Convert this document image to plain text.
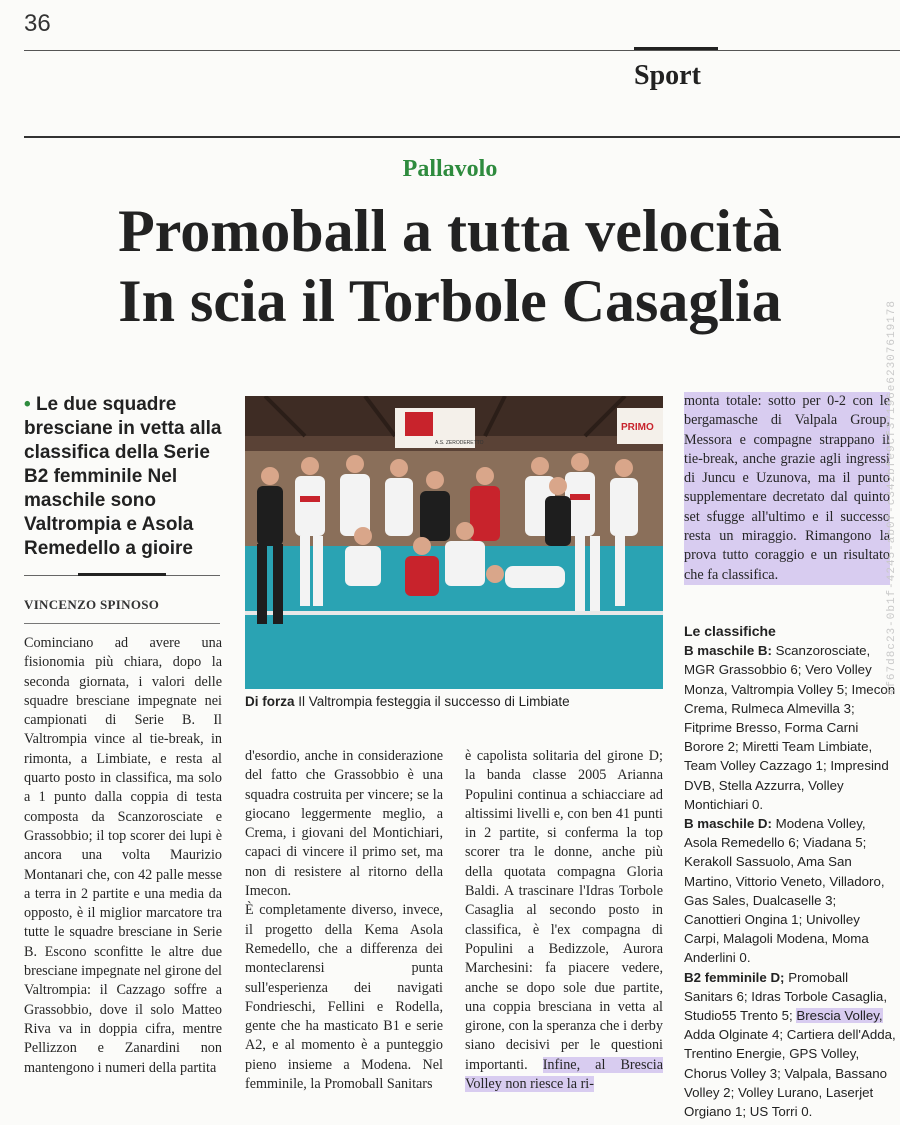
36
Sport
Pallavolo
Promoball a tutta velocità
In scia il Torbole Casaglia
• Le due squadre bresciane in vetta alla classifica della Serie B2 femminile Nel maschile sono Valtrompia e Asola Remedello a gioire
VINCENZO SPINOSO
Cominciano ad avere una fisionomia più chiara, dopo la seconda giornata, i valori delle squadre bresciane impegnate nei campionati di Serie B. Il Valtrompia vince al tie-break, in rimonta, a Limbiate, e resta al quarto posto in classifica, ma solo a 1 punto dalla coppia di testa composta da Scanzorosciate e Grassobbio; il top scorer dei lupi è ancora una volta Maurizio Montanari che, con 42 palle messe a terra in 2 partite e una media da opposto, è il miglior marcatore tra tutte le squadre bresciane in Serie B. Escono sconfitte le altre due bresciane impegnate nel girone del Valtrompia: il Cazzago soffre a Grassobbio, dove il solo Matteo Riva va in doppia cifra, mentre Pellizzon e Zanardini non mantengono i numeri della partita
A.S. ZERODERETTO
PRIMO
Di forza Il Valtrompia festeggia il successo di Limbiate
d'esordio, anche in considerazione del fatto che Grassobbio è una squadra costruita per vincere; se la giocano leggermente meglio, a Crema, i giovani del Montichiari, capaci di vincere il primo set, ma non di resistere al ritorno della Imecon.
È completamente diverso, invece, il progetto della Kema Asola Remedello, che a differenza dei monteclarensi punta sull'esperienza dei navigati Fondrieschi, Fellini e Rodella, gente che ha masticato B1 e serie A2, e al momento è a punteggio pieno insieme a Modena. Nel femminile, la Promoball Sanitars
è capolista solitaria del girone D; la banda classe 2005 Arianna Populini continua a schiacciare ad altissimi livelli e, con ben 41 punti in 2 partite, si conferma la top scorer tra le donne, anche più della quotata compagna Gloria Baldi. A trascinare l'Idras Torbole Casaglia al secondo posto in classifica, è l'ex compagna di Populini a Bedizzole, Aurora Marchesini: fa piacere vedere, anche se dopo sole due partite, una coppia bresciana in vetta al girone, con la speranza che i derby siano decisivi per le questioni importanti. Infine, al Brescia Volley non riesce la ri-
monta totale: sotto per 0-2 con le bergamasche di Valpala Group, Messora e compagne strappano il tie-break, anche grazie agli ingressi di Juncu e Uzunova, ma il punto supplementare decretato dal quinto set sfugge all'ultimo e il successo resta un miraggio. Rimangono la prova tutto coraggio e un risultato che fa classifica.

Le classifiche

B maschile B: Scanzorosciate, MGR Grassobbio 6; Vero Volley Monza, Valtrompia Volley 5; Imecon Crema, Rulmeca Almevilla 3; Fitprime Bresso, Forma Carni Borore 2; Miretti Team Limbiate, Team Volley Cazzago 1; Impresind DVB, Stella Azzurra, Volley Montichiari 0.

B maschile D: Modena Volley, Asola Remedello 6; Viadana 5; Kerakoll Sassuolo, Ama San Martino, Vittorio Veneto, Villadoro, Gas Sales, Dualcaselle 3; Canottieri Ongina 1; Univolley Carpi, Malagoli Modena, Moma Anderlini 0.

B2 femminile D; Promoball Sanitars 6; Idras Torbole Casaglia, Studio55 Trento 5; Brescia Volley, Adda Olginate 4; Cartiera dell'Adda, Trentino Energie, GPS Volley, Chorus Volley 3; Valpala, Bassano Volley 2; Volley Lurano, Laserjet Orgiano 1; US Torri 0.

4f67d8c23-0b1f-4245-ab0f-c342bfe9cf37196e62307619178
